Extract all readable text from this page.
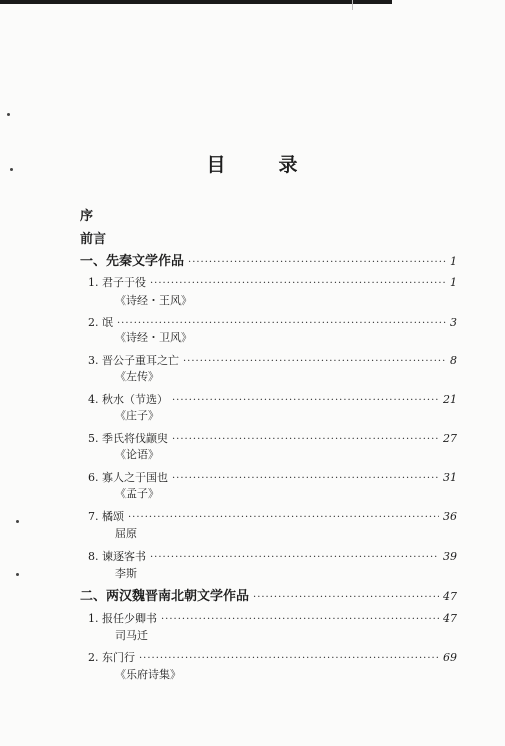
目	录
序
前言
一、先秦文学作品 ·····	1
1. 君子于役 ·····	1
《诗经・王风》
2. 氓 ·····	3
《诗经・卫风》
3. 晋公子重耳之亡 ·····	8
《左传》
4. 秋水（节选） ·····	21
《庄子》
5. 季氏将伐颛臾 ·····	27
《论语》
6. 寡人之于国也 ·····	31
《孟子》
7. 橘颂 ·····	36
屈原
8. 谏逐客书 ·····	39
李斯
二、两汉魏晋南北朝文学作品 ·····	47
1. 报任少卿书 ·····	47
司马迁
2. 东门行 ·····	69
《乐府诗集》
